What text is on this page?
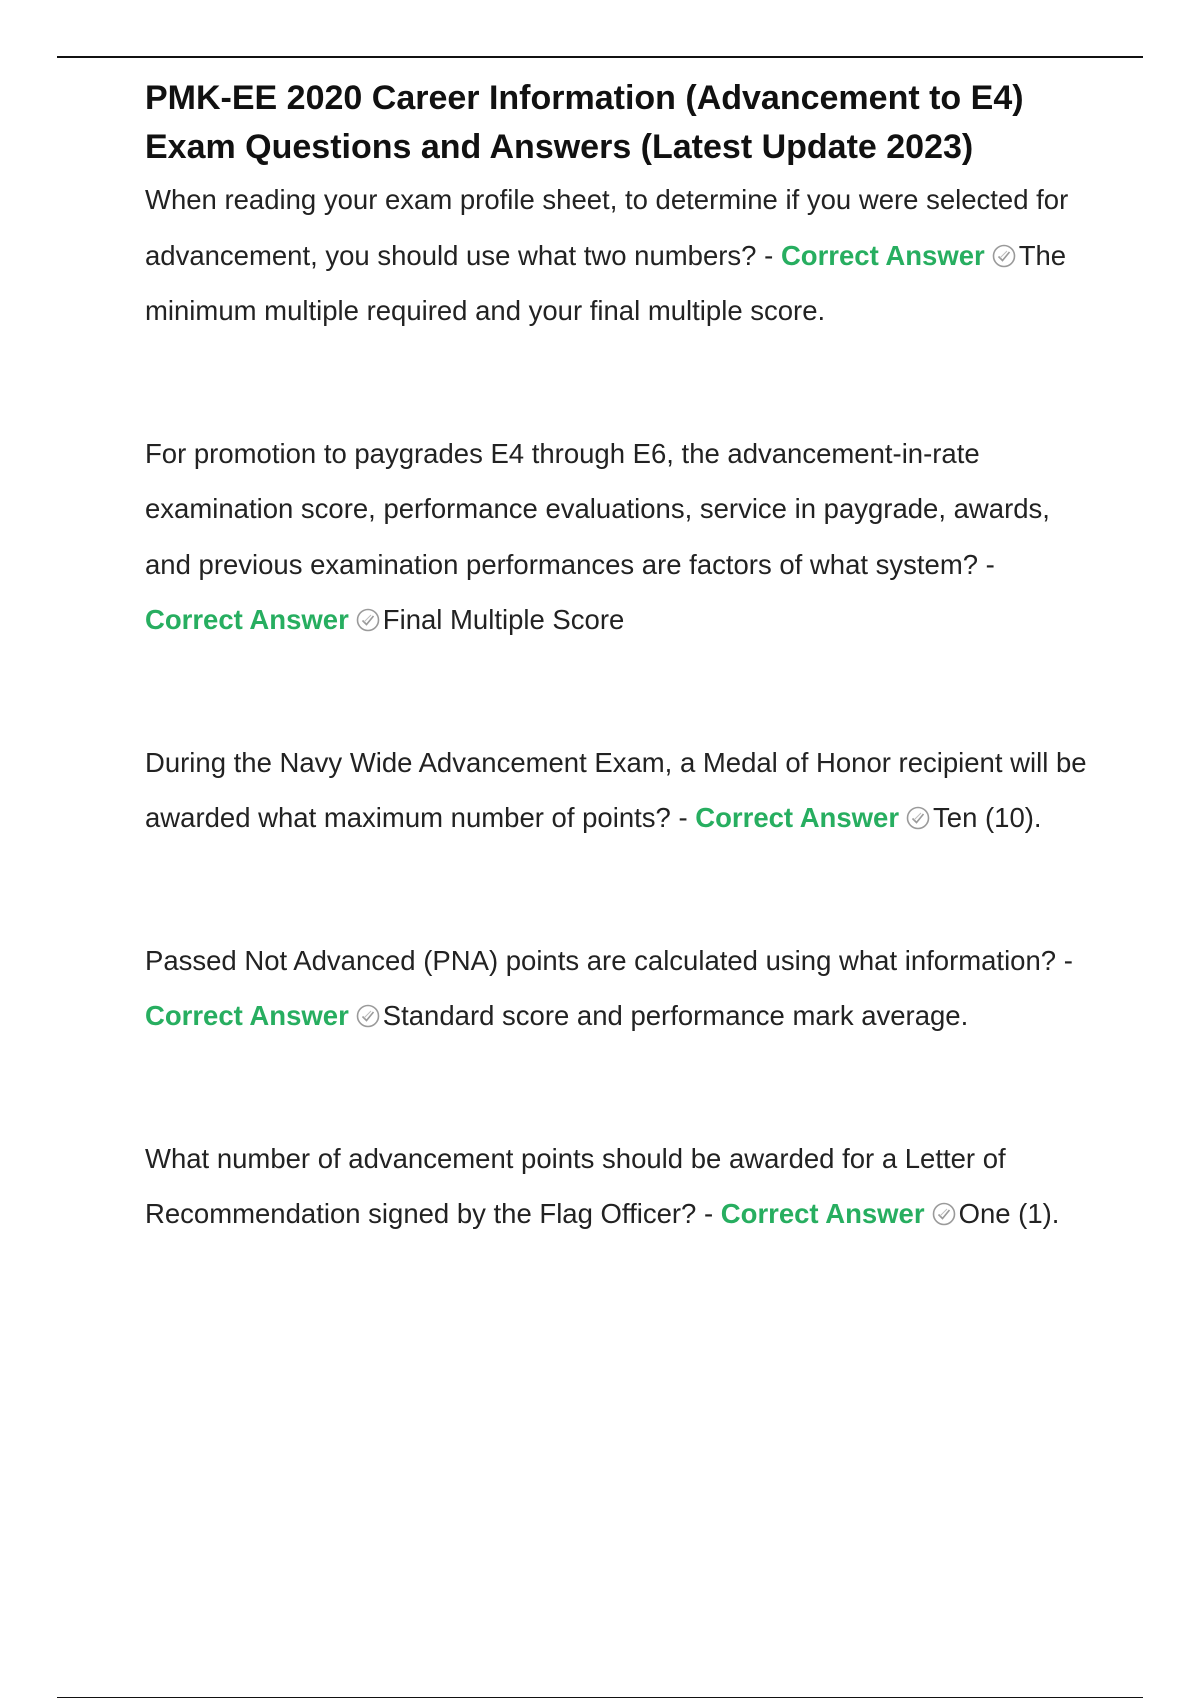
PMK-EE 2020 Career Information (Advancement to E4)
Exam Questions and Answers (Latest Update 2023)

When reading your exam profile sheet, to determine if you were selected for advancement, you should use what two numbers? - Correct Answer The minimum multiple required and your final multiple score.

For promotion to paygrades E4 through E6, the advancement-in-rate examination score, performance evaluations, service in paygrade, awards, and previous examination performances are factors of what system? - Correct Answer Final Multiple Score

During the Navy Wide Advancement Exam, a Medal of Honor recipient will be awarded what maximum number of points? - Correct Answer Ten (10).

Passed Not Advanced (PNA) points are calculated using what information? - Correct Answer Standard score and performance mark average.

What number of advancement points should be awarded for a Letter of Recommendation signed by the Flag Officer? - Correct Answer One (1).
